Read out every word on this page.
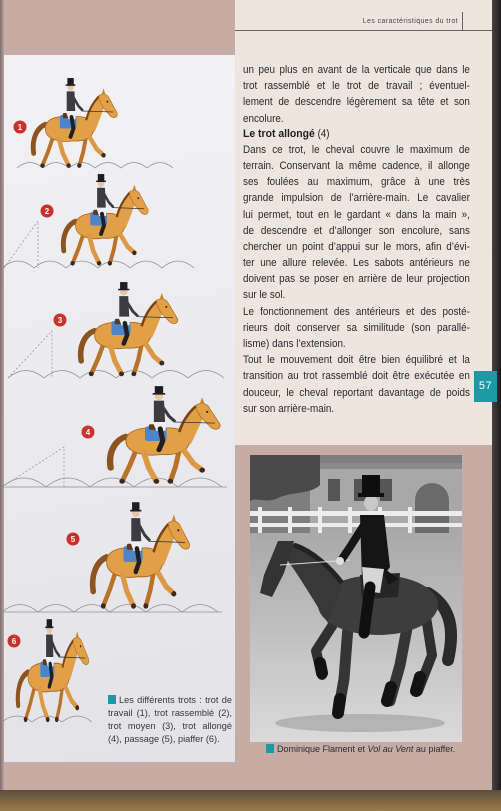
Les caractéristiques du trot
un peu plus en avant de la verticale que dans le
trot rassemblé et le trot de travail ; éventuel-
lement de descendre légèrement sa tête et son
encolure.
Le trot allongé (4)
Dans ce trot, le cheval couvre le maximum de
terrain. Conservant la même cadence, il allonge
ses foulées au maximum, grâce à une très
grande impulsion de l’arrière-main. Le cavalier
lui permet, tout en le gardant « dans la main »,
de descendre et d’allonger son encolure, sans
chercher un point d’appui sur le mors, afin d’évi-
ter une allure relevée. Les sabots antérieurs ne
doivent pas se poser en arrière de leur projection
sur le sol.
Le fonctionnement des antérieurs et des posté-
rieurs doit conserver sa similitude (son parallé-
lisme) dans l’extension.
Tout le mouvement doit être bien équilibré et la
transition au trot rassemblé doit être exécutée en
douceur, le cheval reportant davantage de poids
sur son arrière-main.
57
1
2
3
4
5
6
Les différents trots : trot de
travail (1), trot rassemblé (2),
trot moyen (3), trot allongé
(4), passage (5), piaffer (6).
Dominique Flament et Vol au Vent au piaffer.
